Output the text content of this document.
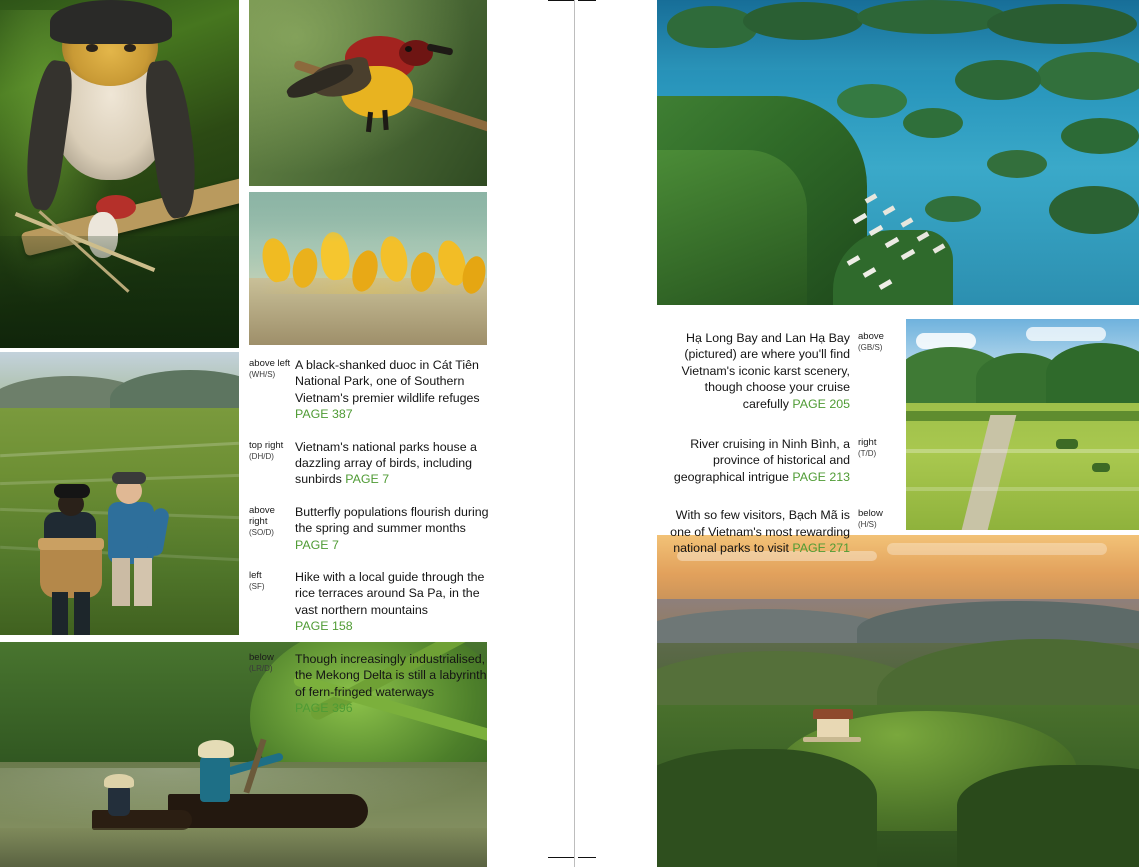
above left
(WH/S)
A black-shanked duoc in Cát Tiên National Park, one of Southern Vietnam's premier wildlife refuges PAGE 387
top right
(DH/D)
Vietnam's national parks house a dazzling array of birds, including sunbirds PAGE 7
above right
(SO/D)
Butterfly populations flourish during the spring and summer months PAGE 7
left
(SF)
Hike with a local guide through the rice terraces around Sa Pa, in the vast northern mountains PAGE 158
below
(LR/D)
Though increasingly industrialised, the Mekong Delta is still a labyrinth of fern-fringed waterways PAGE 396
Hạ Long Bay and Lan Hạ Bay (pictured) are where you'll find Vietnam's iconic karst scenery, though choose your cruise carefully PAGE 205
above
(GB/S)
River cruising in Ninh Bình, a province of historical and geographical intrigue PAGE 213
right
(T/D)
With so few visitors, Bạch Mã is one of Vietnam's most rewarding national parks to visit PAGE 271
below
(H/S)
